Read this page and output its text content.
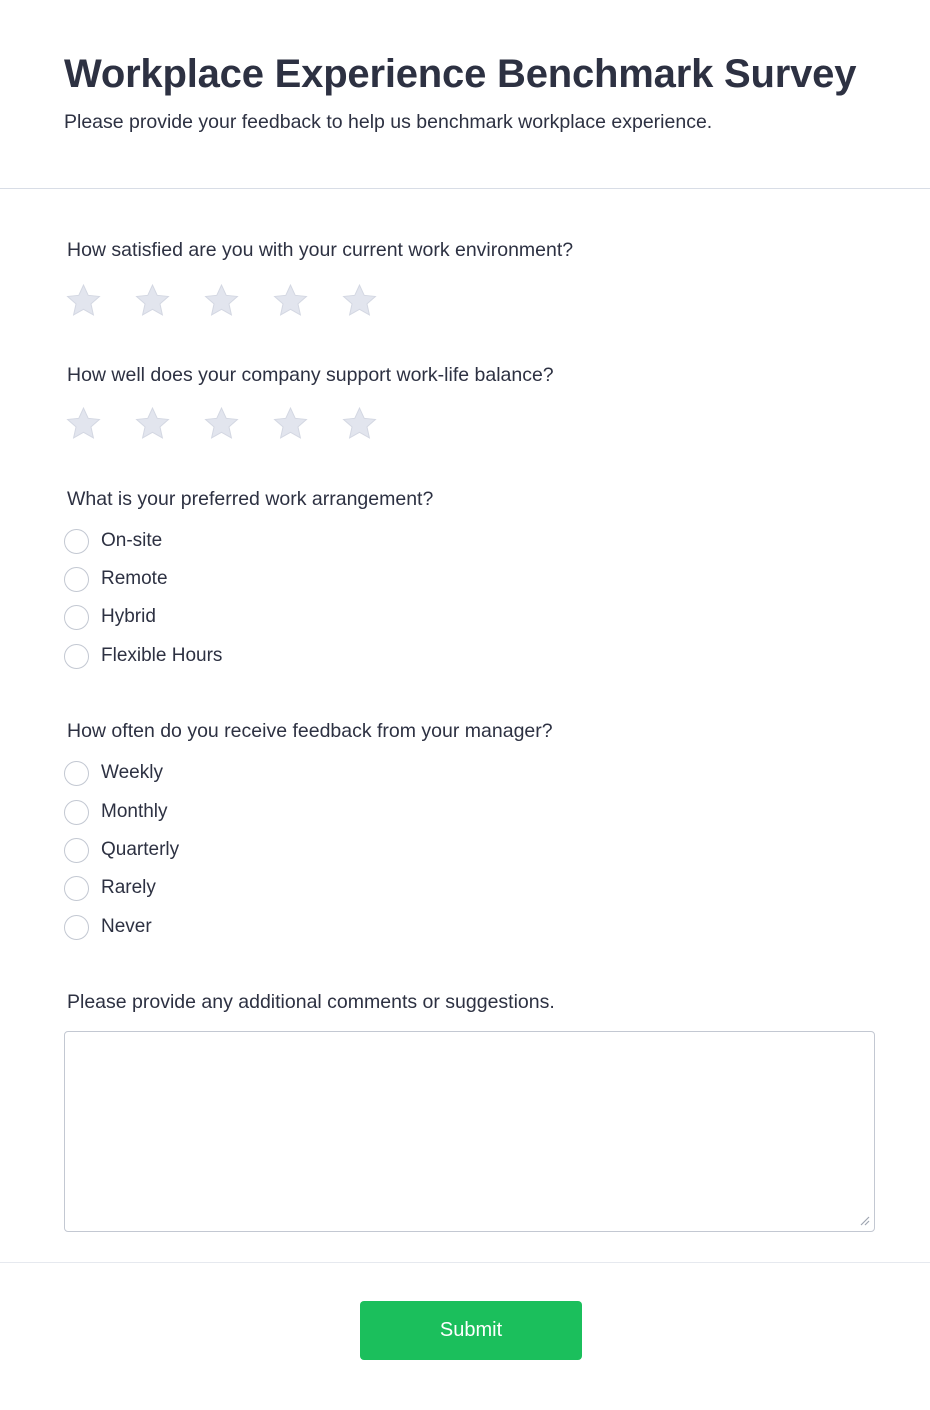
Workplace Experience Benchmark Survey
Please provide your feedback to help us benchmark workplace experience.
How satisfied are you with your current work environment?
How well does your company support work-life balance?
What is your preferred work arrangement?
On-site
Remote
Hybrid
Flexible Hours
How often do you receive feedback from your manager?
Weekly
Monthly
Quarterly
Rarely
Never
Please provide any additional comments or suggestions.
Submit
